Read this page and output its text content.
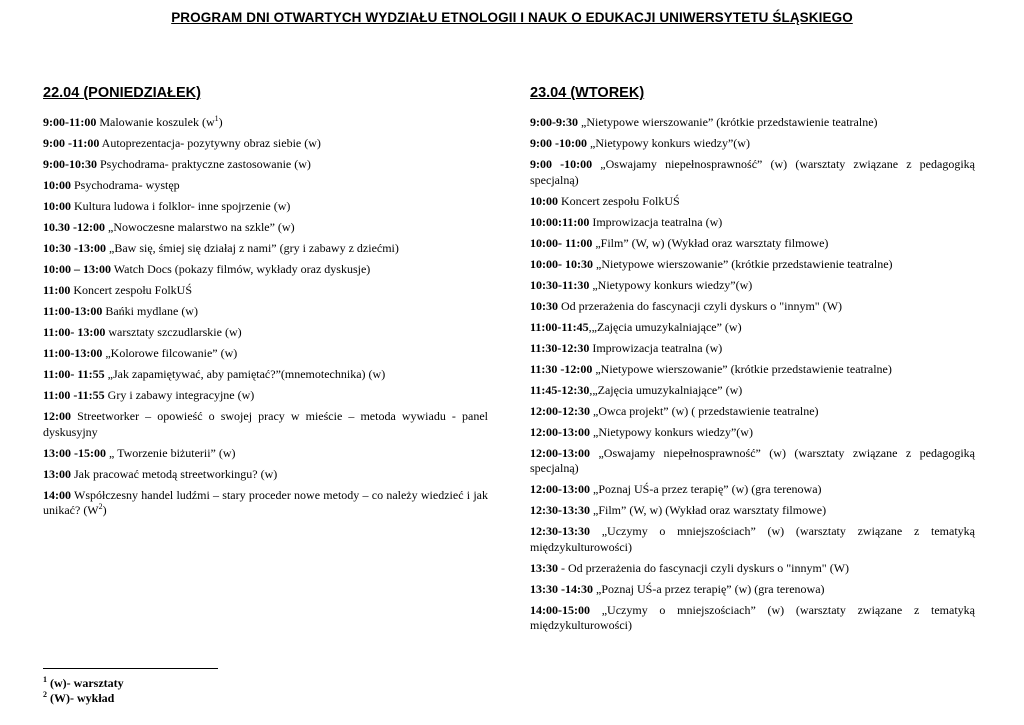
PROGRAM DNI OTWARTYCH WYDZIAŁU ETNOLOGII I NAUK O EDUKACJI UNIWERSYTETU ŚLĄSKIEGO
22.04 (PONIEDZIAŁEK)
9:00-11:00 Malowanie koszulek $(w^1)$
9:00 -11:00 Autoprezentacja- pozytywny obraz siebie (w)
9:00-10:30 Psychodrama- praktyczne zastosowanie (w)
10:00 Psychodrama- występ
10:00 Kultura ludowa i folklor- inne spojrzenie (w)
10.30 -12:00 „Nowoczesne malarstwo na szkle” (w)
10:30 -13:00 „Baw się, śmiej się działaj z nami” (gry i zabawy z dziećmi)
10:00 – 13:00 Watch Docs (pokazy filmów, wykłady oraz dyskusje)
11:00 Koncert zespołu FolkUŚ
11:00-13:00 Bańki mydlane (w)
11:00- 13:00 warsztaty szczudlarskie (w)
11:00-13:00 „Kolorowe filcowanie” (w)
11:00- 11:55 „Jak zapamiętywać, aby pamiętać?”(mnemotechnika) (w)
11:00 -11:55 Gry i zabawy integracyjne (w)
12:00 Streetworker – opowieść o swojej pracy w mieście – metoda wywiadu - panel dyskusyjny
13:00 -15:00 „ Tworzenie biżuterii” (w)
13:00 Jak pracować metodą streetworkingu? (w)
14:00 Współczesny handel ludźmi – stary proceder nowe metody – co należy wiedzieć i jak unikać? $(W^2)$
23.04 (WTOREK)
9:00-9:30 „Nietypowe wierszowanie” (krótkie przedstawienie teatralne)
9:00 -10:00 „Nietypowy konkurs wiedzy”(w)
9:00 -10:00 „Oswajamy niepełnosprawność” (w) (warsztaty związane z pedagogiką specjalną)
10:00 Koncert zespołu FolkUŚ
10:00:11:00 Improwizacja teatralna (w)
10:00- 11:00 „Film” (W, w) (Wykład oraz warsztaty filmowe)
10:00- 10:30 „Nietypowe wierszowanie” (krótkie przedstawienie teatralne)
10:30-11:30 „Nietypowy konkurs wiedzy”(w)
10:30 Od przerażenia do fascynacji czyli dyskurs o "innym" (W)
11:00-11:45,„Zajęcia umuzykalniające” (w)
11:30-12:30 Improwizacja teatralna (w)
11:30 -12:00 „Nietypowe wierszowanie” (krótkie przedstawienie teatralne)
11:45-12:30,„Zajęcia umuzykalniające” (w)
12:00-12:30 „Owca projekt” (w) ( przedstawienie teatralne)
12:00-13:00 „Nietypowy konkurs wiedzy”(w)
12:00-13:00 „Oswajamy niepełnosprawność” (w) (warsztaty związane z pedagogiką specjalną)
12:00-13:00 „Poznaj UŚ-a przez terapię” (w) (gra terenowa)
12:30-13:30 „Film” (W, w) (Wykład oraz warsztaty filmowe)
12:30-13:30 „Uczymy o mniejszościach” (w) (warsztaty związane z tematyką międzykulturowości)
13:30 - Od przerażenia do fascynacji czyli dyskurs o "innym" (W)
13:30 -14:30 „Poznaj UŚ-a przez terapię” (w) (gra terenowa)
14:00-15:00 „Uczymy o mniejszościach” (w) (warsztaty związane z tematyką międzykulturowości)
$^1$ (w)- warsztaty
$^2$ (W)- wykład
